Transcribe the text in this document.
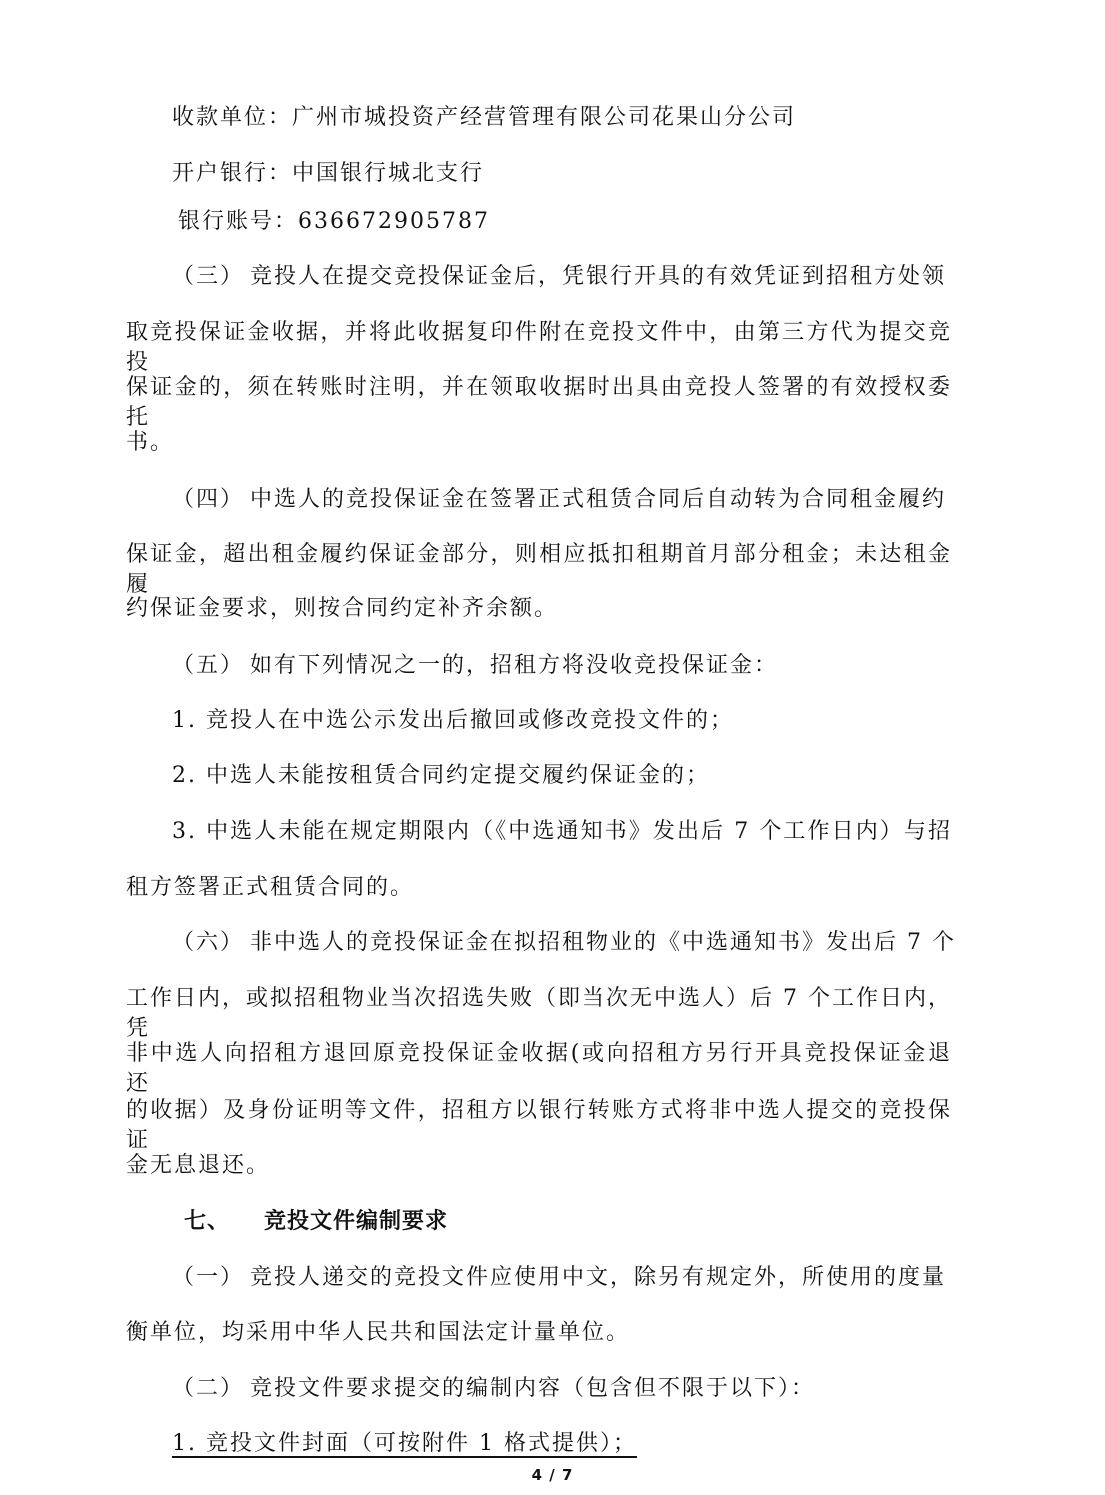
收款单位：广州市城投资产经营管理有限公司花果山分公司
开户银行：中国银行城北支行
银行账号：636672905787
（三） 竞投人在提交竞投保证金后，凭银行开具的有效凭证到招租方处领
取竞投保证金收据，并将此收据复印件附在竞投文件中，由第三方代为提交竞投
保证金的，须在转账时注明，并在领取收据时出具由竞投人签署的有效授权委托
书。
（四） 中选人的竞投保证金在签署正式租赁合同后自动转为合同租金履约
保证金，超出租金履约保证金部分，则相应抵扣租期首月部分租金；未达租金履
约保证金要求，则按合同约定补齐余额。
（五） 如有下列情况之一的，招租方将没收竞投保证金：
1. 竞投人在中选公示发出后撤回或修改竞投文件的；
2. 中选人未能按租赁合同约定提交履约保证金的；
3. 中选人未能在规定期限内（《中选通知书》发出后 7 个工作日内）与招
租方签署正式租赁合同的。
（六） 非中选人的竞投保证金在拟招租物业的《中选通知书》发出后 7 个
工作日内，或拟招租物业当次招选失败（即当次无中选人）后 7 个工作日内，凭
非中选人向招租方退回原竞投保证金收据(或向招租方另行开具竞投保证金退还
的收据）及身份证明等文件，招租方以银行转账方式将非中选人提交的竞投保证
金无息退还。
七、 竞投文件编制要求
（一） 竞投人递交的竞投文件应使用中文，除另有规定外，所使用的度量
衡单位，均采用中华人民共和国法定计量单位。
（二） 竞投文件要求提交的编制内容（包含但不限于以下）：
1. 竞投文件封面（可按附件 1 格式提供）；
4 / 7
